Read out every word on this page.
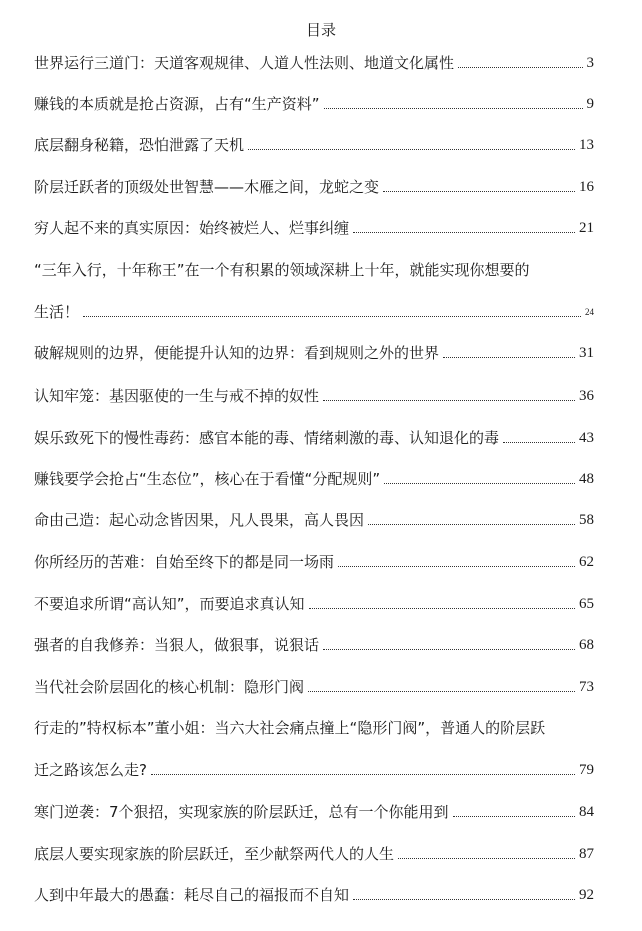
目录
世界运行三道门：天道客观规律、人道人性法则、地道文化属性	3
赚钱的本质就是抢占资源，占有“生产资料”	9
底层翻身秘籍，恐怕泄露了天机	13
阶层迁跃者的顶级处世智慧——木雁之间，龙蛇之变	16
穷人起不来的真实原因：始终被烂人、烂事纠缠	21
“三年入行，十年称王”在一个有积累的领域深耕上十年，就能实现你想要的
生活！	24
破解规则的边界，便能提升认知的边界：看到规则之外的世界	31
认知牢笼：基因驱使的一生与戒不掉的奴性	36
娱乐致死下的慢性毒药：感官本能的毒、情绪刺激的毒、认知退化的毒	43
赚钱要学会抢占“生态位”，核心在于看懂“分配规则”	48
命由己造：起心动念皆因果，凡人畏果，高人畏因	58
你所经历的苦难：自始至终下的都是同一场雨	62
不要追求所谓“高认知”，而要追求真认知	65
强者的自我修养：当狠人，做狠事，说狠话	68
当代社会阶层固化的核心机制：隐形门阀	73
行走的”特权标本”董小姐：当六大社会痛点撞上“隐形门阀”，普通人的阶层跃
迁之路该怎么走?	79
寒门逆袭：7个狠招，实现家族的阶层跃迁，总有一个你能用到	84
底层人要实现家族的阶层跃迁，至少献祭两代人的人生	87
人到中年最大的愚蠢：耗尽自己的福报而不自知	92
